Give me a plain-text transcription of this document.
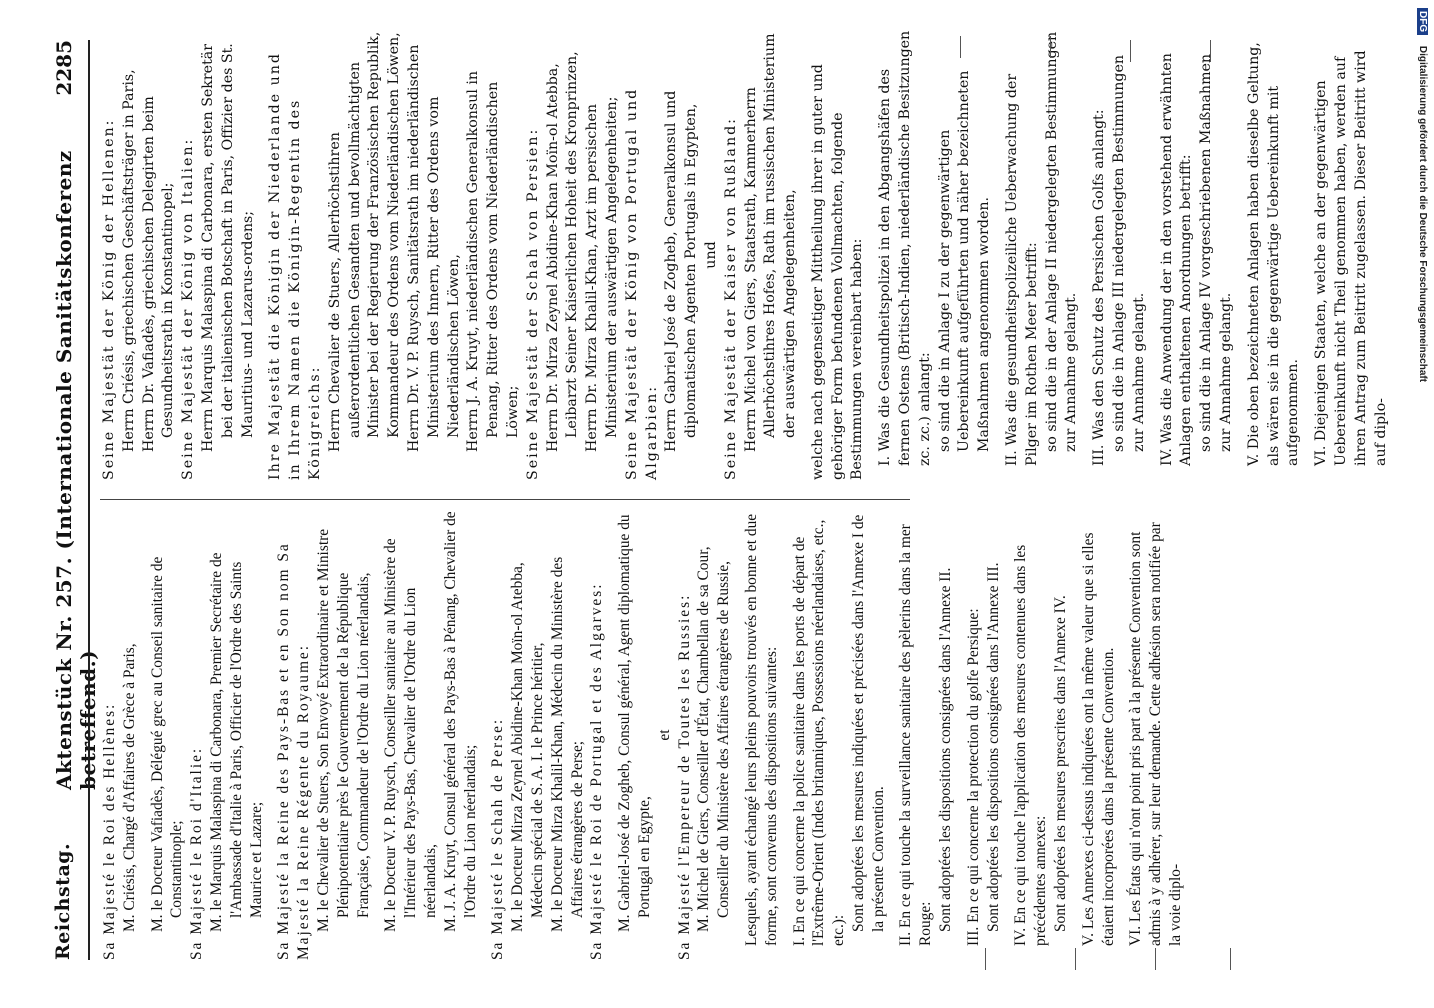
Reichstag.
Aktenstück Nr. 257. (Internationale Sanitätskonferenz betreffend.)
2285

Sa Majesté le Roi des Hellènes: M. Criésis, Chargé d'Affaires de Grèce à Paris, M. le Docteur Vafiadès, Délégué grec au Conseil sanitaire de Constantinople; Sa Majesté le Roi d'Italie: M. le Marquis Malaspina di Carbonara, Premier Secrétaire de l'Ambassade d'Italie à Paris, Officier de l'Ordre des Saints Maurice et Lazare; Sa Majesté la Reine des Pays-Bas et en Son nom Sa Majesté la Reine Régente du Royaume: M. le Chevalier de Stuers, Son Envoyé Extraordinaire et Ministre Plénipotentiaire près le Gouvernement de la République Française, Commandeur de l'Ordre du Lion néerlandais, M. le Docteur V. P. Ruysch, Conseiller sanitaire au Ministère de l'Intérieur des Pays-Bas, Chevalier de l'Ordre du Lion néerlandais, M. J. A. Kruyt, Consul général des Pays-Bas à Pénang, Chevalier de l'Ordre du Lion néerlandais; Sa Majesté le Schah de Perse: M. le Docteur Mirza Zeynel Abidine-Khan Moïn-ol Atebba, Médecin spécial de S. A. I. le Prince héritier, M. le Docteur Mirza Khalil-Khan, Médecin du Ministère des Affaires étrangères de Perse; Sa Majesté le Roi de Portugal et des Algarves: M. Gabriel-José de Zogheb, Consul général, Agent diplomatique du Portugal en Egypte,

et Sa Majesté l'Empereur de Toutes les Russies: M. Michel de Giers, Conseiller d'État, Chambellan de sa Cour, Conseiller du Ministère des Affaires étrangères de Russie, Lesquels, ayant échangé leurs pleins pouvoirs trouvés en bonne et due forme, sont convenus des dispositions suivantes: I. En ce qui concerne la police sanitaire dans les ports de départ de l'Extrême-Orient (Indes britanniques, Possessions néerlandaises, etc., etc.): Sont adoptées les mesures indiquées et précisées dans l'Annexe I de la présente Convention. II. En ce qui touche la surveillance sanitaire des pèlerins dans la mer Rouge: Sont adoptées les dispositions consignées dans l'Annexe II. III. En ce qui concerne la protection du golfe Persique: Sont adoptées les dispositions consignées dans l'Annexe III. IV. En ce qui touche l'application des mesures contenues dans les précédentes annexes: Sont adoptées les mesures prescrites dans l'Annexe IV. V. Les Annexes ci-dessus indiquées ont la même valeur que si elles étaient incorporées dans la présente Convention. VI. Les États qui n'ont point pris part à la présente Convention sont admis à y adhérer, sur leur demande. Cette adhésion sera notifiée par la voie diplo-

Seine Majestät der König der Hellenen: Herrn Criésis, griechischen Geschäftsträger in Paris, Herrn Dr. Vafiadès, griechischen Delegirten beim Gesundheitsrath in Konstantinopel; Seine Majestät der König von Italien: Herrn Marquis Malaspina di Carbonara, ersten Sekretär bei der italienischen Botschaft in Paris, Offizier des St. Mauritius- und Lazarus-ordens; Ihre Majestät die Königin der Niederlande und in Ihrem Namen die Königin-Regentin des Königreichs: Herrn Chevalier de Stuers, Allerhöchstihren außerordentlichen Gesandten und bevollmächtigten Minister bei der Regierung der Französischen Republik, Kommandeur des Ordens vom Niederländischen Löwen, Herrn Dr. V. P. Ruysch, Sanitätsrath im niederländischen Ministerium des Innern, Ritter des Ordens vom Niederländischen Löwen, Herrn J. A. Kruyt, niederländischen Generalkonsul in Penang, Ritter des Ordens vom Niederländischen Löwen; Seine Majestät der Schah von Persien: Herrn Dr. Mirza Zeynel Abidine-Khan Moïn-ol Atebba, Leibarzt Seiner Kaiserlichen Hoheit des Kronprinzen, Herrn Dr. Mirza Khalil-Khan, Arzt im persischen Ministerium der auswärtigen Angelegenheiten; Seine Majestät der König von Portugal und Algarbien: Herrn Gabriel José de Zogheb, Generalkonsul und diplomatischen Agenten Portugals in Egypten, und Seine Majestät der Kaiser von Rußland: Herrn Michel von Giers, Staatsrath, Kammerherrn Allerhöchstihres Hofes, Rath im russischen Ministerium der auswärtigen Angelegenheiten, welche nach gegenseitiger Mittheilung ihrer in guter und gehöriger Form befundenen Vollmachten, folgende Bestimmungen vereinbart haben: I. Was die Gesundheitspolizei in den Abgangshäfen des fernen Ostens (Britisch-Indien, niederländische Besitzungen zc. zc.) anlangt: so sind die in Anlage I zu der gegenwärtigen Uebereinkunft aufgeführten und näher bezeichneten Maßnahmen angenommen worden. II. Was die gesundheitspolizeiliche Ueberwachung der Pilger im Rothen Meer betrifft: so sind die in der Anlage II niedergelegten Bestimmungen zur Annahme gelangt. III. Was den Schutz des Persischen Golfs anlangt: so sind die in Anlage III niedergelegten Bestimmungen zur Annahme gelangt. IV. Was die Anwendung der in den vorstehend erwähnten Anlagen enthaltenen Anordnungen betrifft: so sind die in Anlage IV vorgeschriebenen Maßnahmen zur Annahme gelangt. V. Die oben bezeichneten Anlagen haben dieselbe Geltung, als wären sie in die gegenwärtige Uebereinkunft mit aufgenommen. VI. Diejenigen Staaten, welche an der gegenwärtigen Uebereinkunft nicht Theil genommen haben, werden auf ihren Antrag zum Beitritt zugelassen. Dieser Beitritt wird auf diplo-

DFG Digitalisierung gefördert durch die Deutsche Forschungsgemeinschaft
